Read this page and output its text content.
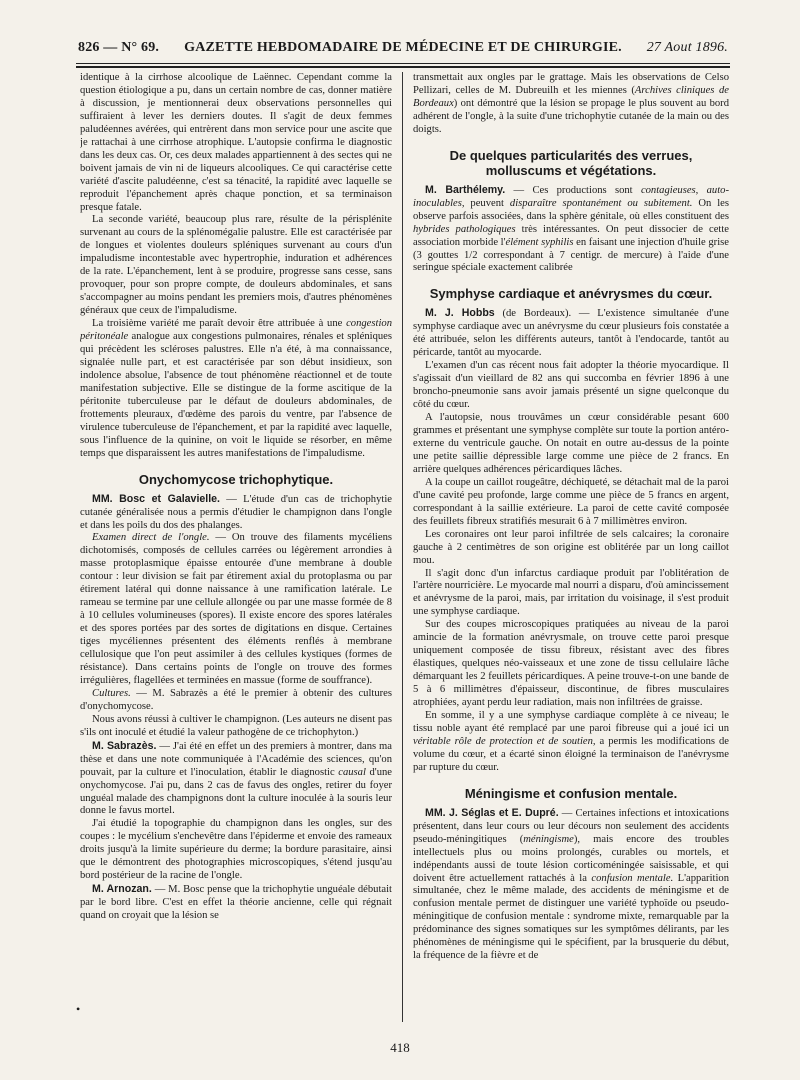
826 — N° 69.	GAZETTE HEBDOMADAIRE DE MÉDECINE ET DE CHIRURGIE.	27 Aout 1896.

identique à la cirrhose alcoolique de Laënnec. Cependant comme la question étiologique a pu, dans un certain nombre de cas, donner matière à discussion, je mentionnerai deux observations personnelles qui suffiraient à lever les derniers doutes. Il s'agit de deux femmes paludéennes avérées, qui entrèrent dans mon service pour une ascite que je rattachai à une cirrhose atrophique. L'autopsie confirma le diagnostic dans les deux cas. Or, ces deux malades appartiennent à des sectes qui ne boivent jamais de vin ni de liqueurs alcooliques. Ce qui caractérise cette variété d'ascite paludéenne, c'est sa ténacité, la rapidité avec laquelle se reproduit l'épanchement après chaque ponction, et sa terminaison presque fatale.

La seconde variété, beaucoup plus rare, résulte de la périsplénite survenant au cours de la splénomégalie palustre. Elle est caractérisée par de longues et violentes douleurs spléniques survenant au cours d'un impaludisme incontestable avec hypertrophie, induration et adhérences de la rate. L'épanchement, lent à se produire, progresse sans cesse, sans provoquer, pour son propre compte, de douleurs abdominales, et sans s'accompagner au moins pendant les premiers mois, d'autres phénomènes généraux que ceux de l'impaludisme.

La troisième variété me paraît devoir être attribuée à une congestion péritonéale analogue aux congestions pulmonaires, rénales et spléniques qui précèdent les scléroses palustres. Elle n'a été, à ma connaissance, signalée nulle part, et est caractérisée par son début insidieux, son indolence absolue, l'absence de tout phénomène réactionnel et de toute manifestation subjective. Elle se distingue de la forme ascitique de la péritonite tuberculeuse par le défaut de douleurs abdominales, de frottements pleuraux, d'œdème des parois du ventre, par l'absence de virulence tuberculeuse de l'épanchement, et par la rapidité avec laquelle, sous l'influence de la quinine, on voit le liquide se résorber, en même temps que disparaissent les autres manifestations de l'impaludisme.

Onychomycose trichophytique.

MM. Bosc et Galavielle. — L'étude d'un cas de trichophytie cutanée généralisée nous a permis d'étudier le champignon dans l'ongle et dans les poils du dos des phalanges.

Examen direct de l'ongle. — On trouve des filaments mycéliens dichotomisés, composés de cellules carrées ou légèrement arrondies à masse protoplasmique épaisse entourée d'une membrane à double contour : leur division se fait par étirement axial du protoplasma ou par étirement latéral qui donne naissance à une ramification latérale. Le rameau se termine par une cellule allongée ou par une masse formée de 8 à 10 cellules volumineuses (spores). Il existe encore des spores latérales et des spores portées par des sortes de digitations en disque. Certaines tiges mycéliennes présentent des éléments renflés à membrane cellulosique que l'on peut assimiler à des cellules kystiques (formes de résistance). Dans certains points de l'ongle on trouve des formes irrégulières, flagellées et terminées en massue (forme de souffrance).

Cultures. — M. Sabrazès a été le premier à obtenir des cultures d'onychomycose.

Nous avons réussi à cultiver le champignon. (Les auteurs ne disent pas s'ils ont inoculé et étudié la valeur pathogène de ce trichophyton.)

M. Sabrazès. — J'ai été en effet un des premiers à montrer, dans ma thèse et dans une note communiquée à l'Académie des sciences, qu'on pouvait, par la culture et l'inoculation, établir le diagnostic causal d'une onychomycose. J'ai pu, dans 2 cas de favus des ongles, retirer du foyer unguéal malade des champignons dont la culture inoculée à la souris leur donne le favus mortel.

J'ai étudié la topographie du champignon dans les ongles, sur des coupes : le mycélium s'enchevêtre dans l'épiderme et envoie des rameaux droits jusqu'à la limite supérieure du derme; la bordure parasitaire, ainsi que le démontrent des photographies microscopiques, s'étend jusqu'au bord postérieur de la racine de l'ongle.

M. Arnozan. — M. Bosc pense que la trichophytie unguéale débutait par le bord libre. C'est en effet la théorie ancienne, celle qui régnait quand on croyait que la lésion se

transmettait aux ongles par le grattage. Mais les observations de Celso Pellizari, celles de M. Dubreuilh et les miennes (Archives cliniques de Bordeaux) ont démontré que la lésion se propage le plus souvent au bord adhérent de l'ongle, à la suite d'une trichophytie cutanée de la main ou des doigts.

De quelques particularités des verrues, molluscums et végétations.

M. Barthélemy. — Ces productions sont contagieuses, auto-inoculables, peuvent disparaître spontanément ou subitement. On les observe parfois associées, dans la sphère génitale, où elles constituent des hybrides pathologiques très intéressantes. On peut dissocier de cette association morbide l'élément syphilis en faisant une injection d'huile grise (3 gouttes 1/2 correspondant à 7 centigr. de mercure) à l'aide d'une seringue spéciale exactement calibrée

Symphyse cardiaque et anévrysmes du cœur.

M. J. Hobbs (de Bordeaux). — L'existence simultanée d'une symphyse cardiaque avec un anévrysme du cœur plusieurs fois constatée a été attribuée, selon les différents auteurs, tantôt à l'endocarde, tantôt au péricarde, tantôt au myocarde.

L'examen d'un cas récent nous fait adopter la théorie myocardique. Il s'agissait d'un vieillard de 82 ans qui succomba en février 1896 à une broncho-pneumonie sans avoir jamais présenté un signe quelconque du côté du cœur.

A l'autopsie, nous trouvâmes un cœur considérable pesant 600 grammes et présentant une symphyse complète sur toute la portion antéro-externe du ventricule gauche. On notait en outre au-dessus de la pointe une petite saillie dépressible large comme une pièce de 2 francs. En arrière quelques adhérences péricardiques lâches.

A la coupe un caillot rougeâtre, déchiqueté, se détachait mal de la paroi d'une cavité peu profonde, large comme une pièce de 5 francs en argent, correspondant à la saillie extérieure. La paroi de cette cavité composée des feuillets fibreux stratifiés mesurait 6 à 7 millimètres environ.

Les coronaires ont leur paroi infiltrée de sels calcaires; la coronaire gauche à 2 centimètres de son origine est oblitérée par un long caillot mou.

Il s'agit donc d'un infarctus cardiaque produit par l'oblitération de l'artère nourricière. Le myocarde mal nourri a disparu, d'où amincissement et anévrysme de la paroi, mais, par irritation du voisinage, il s'est produit une symphyse cardiaque.

Sur des coupes microscopiques pratiquées au niveau de la paroi amincie de la formation anévrysmale, on trouve cette paroi presque uniquement composée de tissu fibreux, résistant avec des fibres élastiques, quelques néo-vaisseaux et une zone de tissu cellulaire lâche démarquant les 2 feuillets péricardiques. A peine trouve-t-on une bande de 5 à 6 millimètres d'épaisseur, discontinue, de fibres musculaires atrophiées, ayant perdu leur radiation, mais non infiltrées de graisse.

En somme, il y a une symphyse cardiaque complète à ce niveau; le tissu noble ayant été remplacé par une paroi fibreuse qui a joué ici un véritable rôle de protection et de soutien, a permis les modifications de volume du cœur, et a écarté sinon éloigné la terminaison de l'anévrysme par rupture du cœur.

Méningisme et confusion mentale.

MM. J. Séglas et E. Dupré. — Certaines infections et intoxications présentent, dans leur cours ou leur décours non seulement des accidents pseudo-méningitiques (méningisme), mais encore des troubles intellectuels plus ou moins prolongés, curables ou mortels, et indépendants aussi de toute lésion corticoméningée saisissable, et qui doivent être actuellement rattachés à la confusion mentale. L'apparition simultanée, chez le même malade, des accidents de méningisme et de confusion mentale permet de distinguer une variété typhoïde ou pseudo-méningitique de confusion mentale : syndrome mixte, remarquable par la prédominance des signes somatiques sur les symptômes délirants, par les phénomènes de méningisme qui le spécifient, par la brusquerie du début, la fréquence de la fièvre et de

•
418
